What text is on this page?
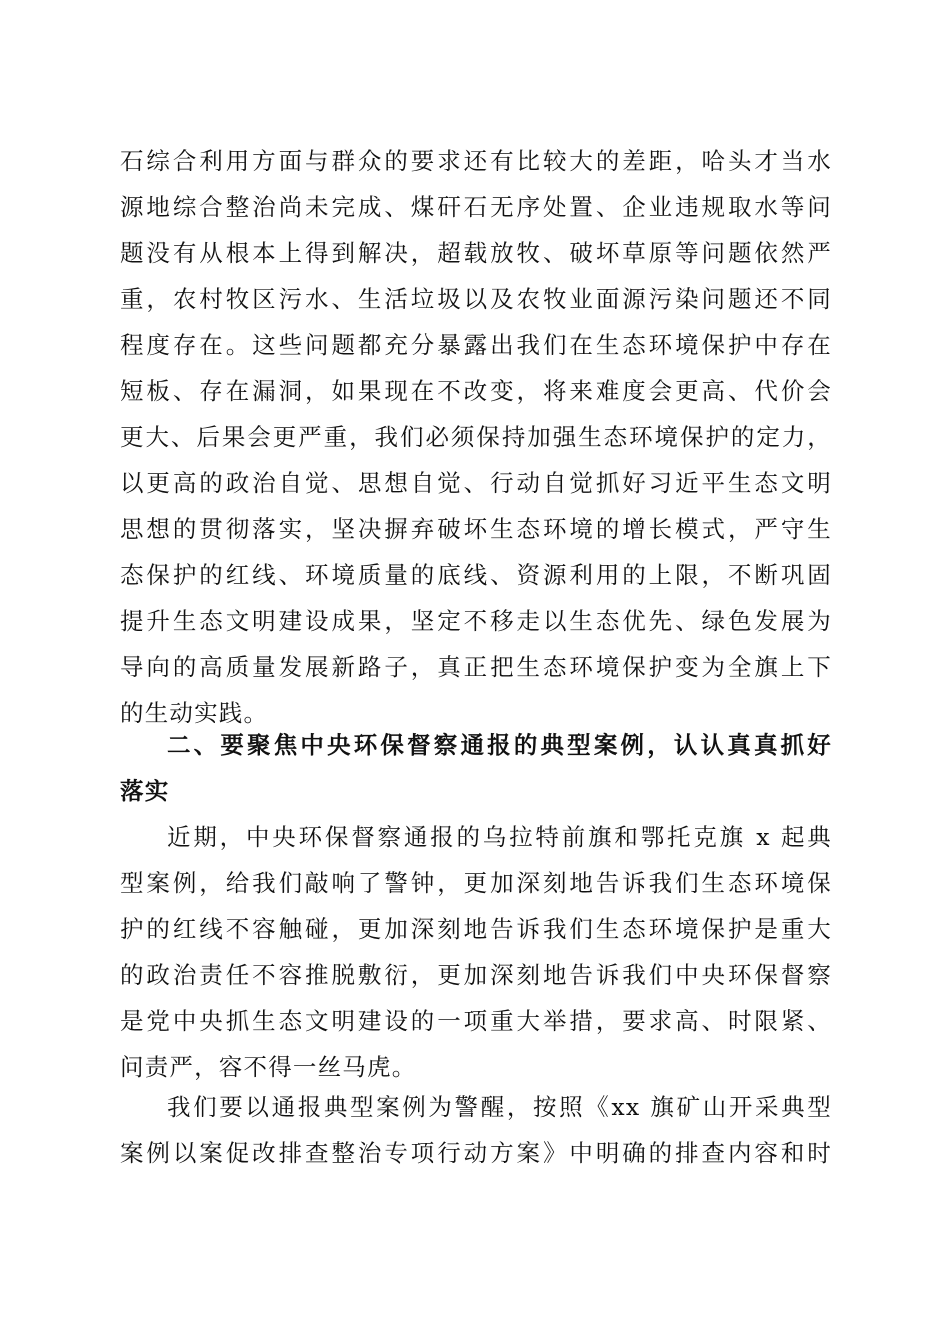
石综合利用方面与群众的要求还有比较大的差距，哈头才当水
源地综合整治尚未完成、煤矸石无序处置、企业违规取水等问
题没有从根本上得到解决，超载放牧、破坏草原等问题依然严
重，农村牧区污水、生活垃圾以及农牧业面源污染问题还不同
程度存在。这些问题都充分暴露出我们在生态环境保护中存在
短板、存在漏洞，如果现在不改变，将来难度会更高、代价会
更大、后果会更严重，我们必须保持加强生态环境保护的定力，
以更高的政治自觉、思想自觉、行动自觉抓好习近平生态文明
思想的贯彻落实，坚决摒弃破坏生态环境的增长模式，严守生
态保护的红线、环境质量的底线、资源利用的上限，不断巩固
提升生态文明建设成果，坚定不移走以生态优先、绿色发展为
导向的高质量发展新路子，真正把生态环境保护变为全旗上下
的生动实践。
二、要聚焦中央环保督察通报的典型案例，认认真真抓好
落实
近期，中央环保督察通报的乌拉特前旗和鄂托克旗 x 起典
型案例，给我们敲响了警钟，更加深刻地告诉我们生态环境保
护的红线不容触碰，更加深刻地告诉我们生态环境保护是重大
的政治责任不容推脱敷衍，更加深刻地告诉我们中央环保督察
是党中央抓生态文明建设的一项重大举措，要求高、时限紧、
问责严，容不得一丝马虎。
我们要以通报典型案例为警醒，按照《xx 旗矿山开采典型
案例以案促改排查整治专项行动方案》中明确的排查内容和时
